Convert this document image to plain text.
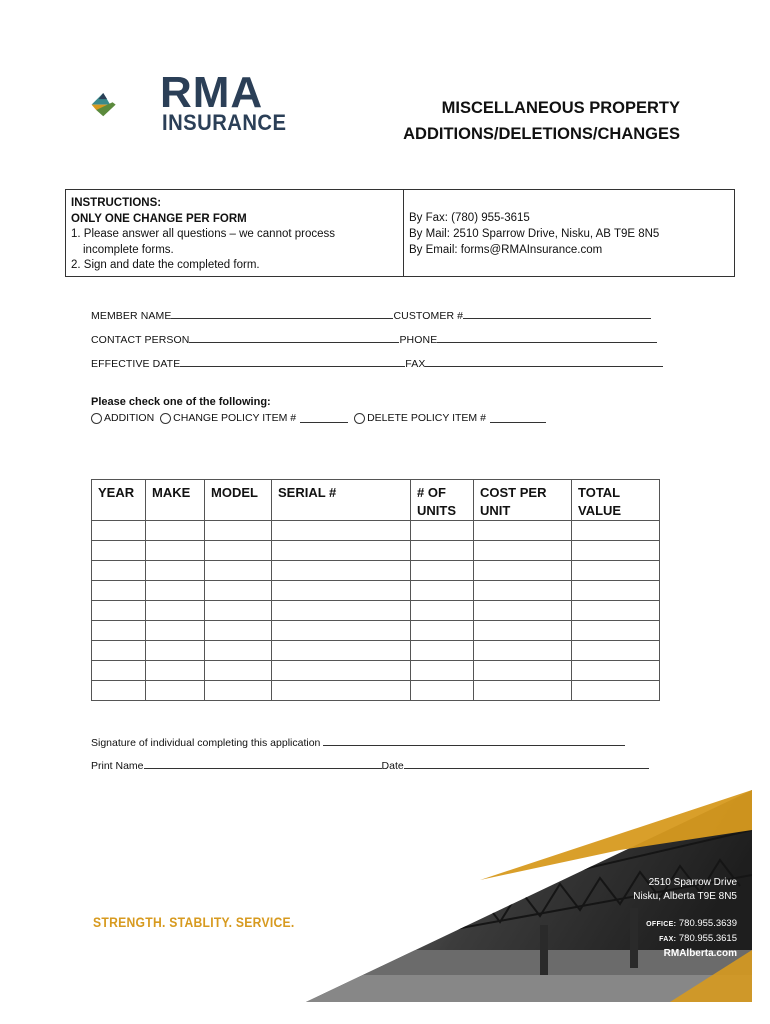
RMA
INSURANCE
MISCELLANEOUS PROPERTY
ADDITIONS/DELETIONS/CHANGES
INSTRUCTIONS:
ONLY ONE CHANGE PER FORM
1. Please answer all questions – we cannot process
incomplete forms.
2. Sign and date the completed form.
By Fax: (780) 955-3615
By Mail: 2510 Sparrow Drive, Nisku, AB T9E 8N5
By Email: forms@RMAInsurance.com
MEMBER NAME	CUSTOMER #
CONTACT PERSON	PHONE
EFFECTIVE DATE	FAX
Please check one of the following:
ADDITION CHANGE POLICY ITEM #	DELETE POLICY ITEM #
YEAR	MAKE	MODEL	SERIAL #	# OF UNITS	COST PER UNIT	TOTAL VALUE

Signature of individual completing this application
Print Name	Date
STRENGTH. STABLITY. SERVICE.
2510 Sparrow Drive
Nisku, Alberta T9E 8N5
OFFICE: 780.955.3639
FAX: 780.955.3615
RMAlberta.com
